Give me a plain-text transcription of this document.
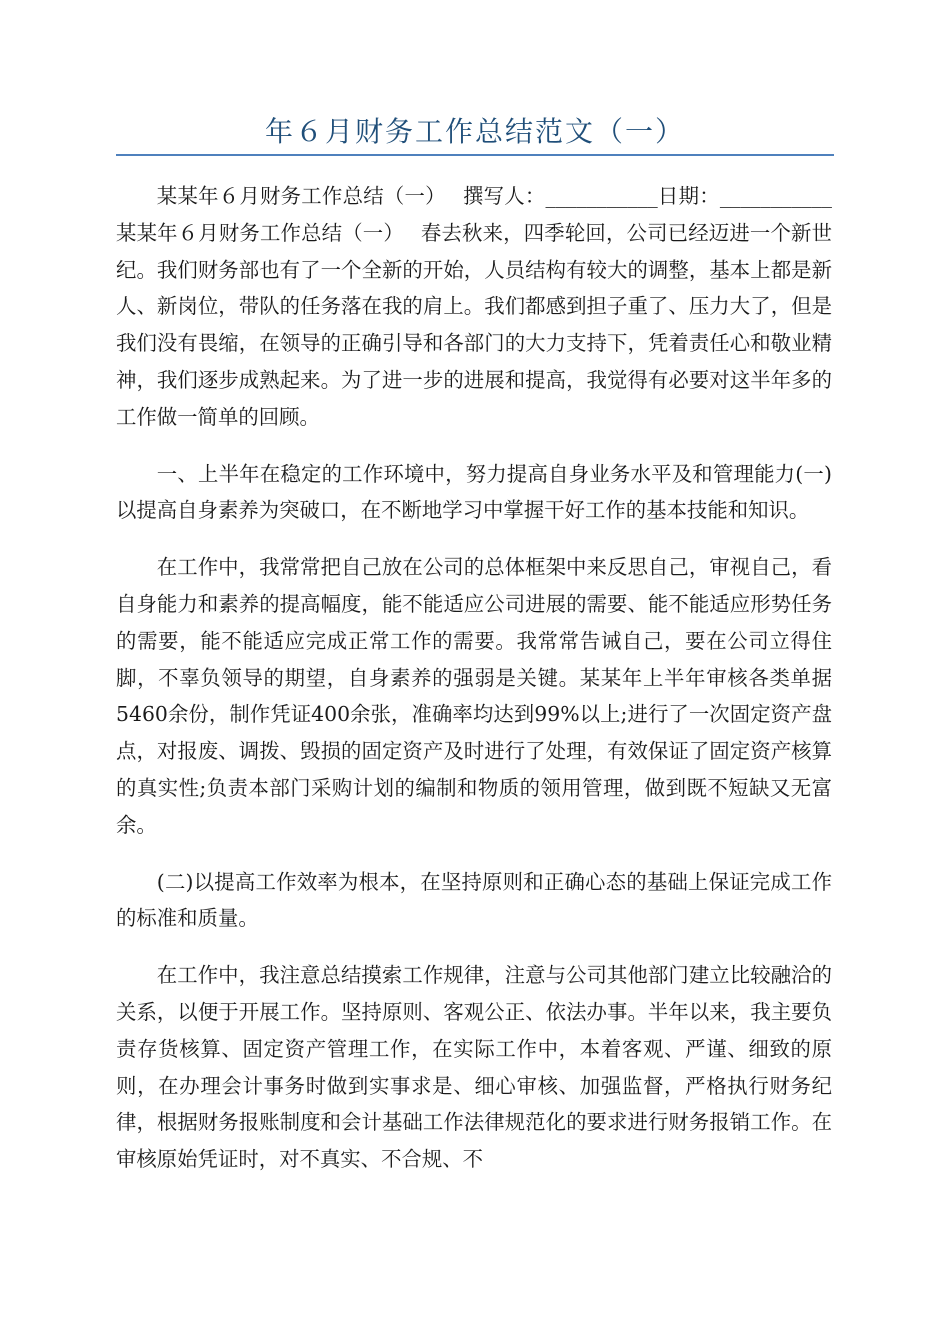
年６月财务工作总结范文（一）

某某年６月财务工作总结（一）　 撰写人：___________日期：___________某某年６月财务工作总结（一）　 春去秋来，四季轮回，公司已经迈进一个新世纪。我们财务部也有了一个全新的开始，人员结构有较大的调整，基本上都是新人、新岗位，带队的任务落在我的肩上。我们都感到担子重了、压力大了，但是我们没有畏缩，在领导的正确引导和各部门的大力支持下，凭着责任心和敬业精神，我们逐步成熟起来。为了进一步的进展和提高，我觉得有必要对这半年多的工作做一简单的回顾。

一、上半年在稳定的工作环境中，努力提高自身业务水平及和管理能力(一)以提高自身素养为突破口，在不断地学习中掌握干好工作的基本技能和知识。

在工作中，我常常把自己放在公司的总体框架中来反思自己，审视自己，看自身能力和素养的提高幅度，能不能适应公司进展的需要、能不能适应形势任务的需要，能不能适应完成正常工作的需要。我常常告诫自己，要在公司立得住脚，不辜负领导的期望，自身素养的强弱是关键。某某年上半年审核各类单据5460余份，制作凭证400余张，准确率均达到99%以上;进行了一次固定资产盘点，对报废、调拨、毁损的固定资产及时进行了处理，有效保证了固定资产核算的真实性;负责本部门采购计划的编制和物质的领用管理，做到既不短缺又无富余。

(二)以提高工作效率为根本，在坚持原则和正确心态的基础上保证完成工作的标准和质量。

在工作中，我注意总结摸索工作规律，注意与公司其他部门建立比较融洽的关系，以便于开展工作。坚持原则、客观公正、依法办事。半年以来，我主要负责存货核算、固定资产管理工作，在实际工作中，本着客观、严谨、细致的原则，在办理会计事务时做到实事求是、细心审核、加强监督，严格执行财务纪律，根据财务报账制度和会计基础工作法律规范化的要求进行财务报销工作。在审核原始凭证时，对不真实、不合规、不
